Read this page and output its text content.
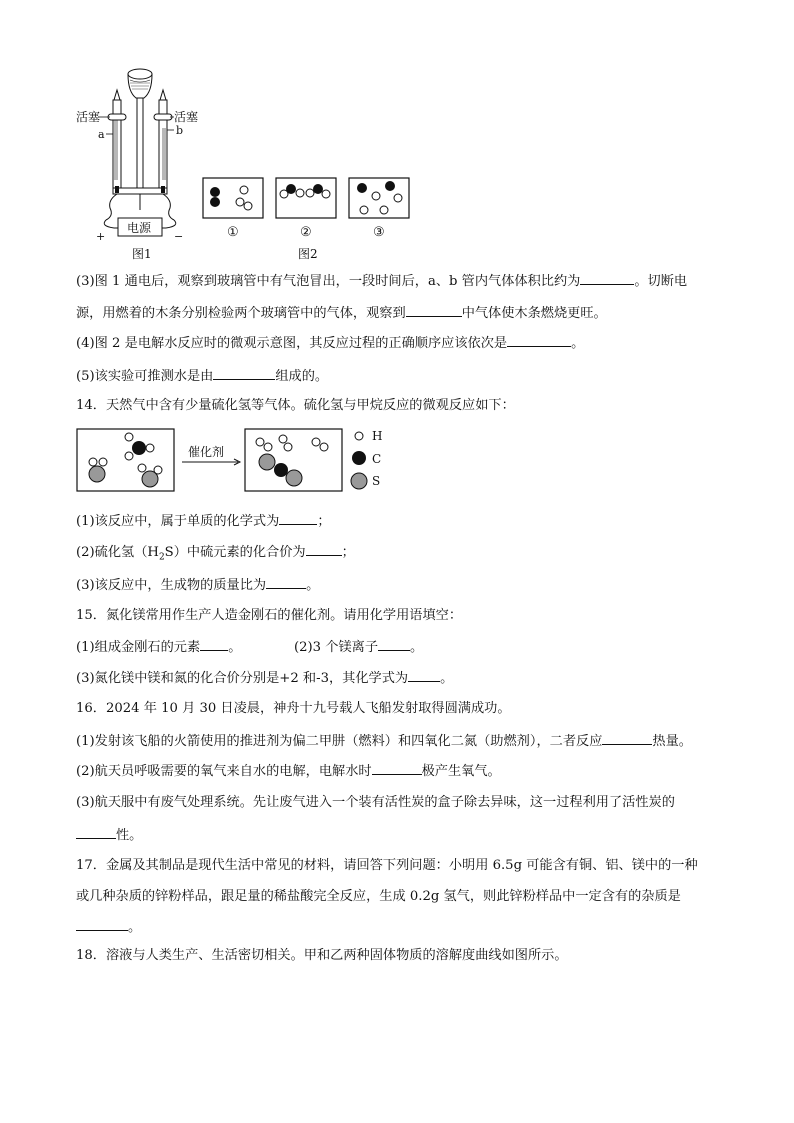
活塞	活塞
a	b
电源
+	−
图1
①	②	③
图2
(3)图 1 通电后，观察到玻璃管中有气泡冒出，一段时间后，a、b 管内气体体积比约为	。切断电
源，用燃着的木条分别检验两个玻璃管中的气体，观察到	中气体使木条燃烧更旺。
(4)图 2 是电解水反应时的微观示意图，其反应过程的正确顺序应该依次是	。
(5)该实验可推测水是由	组成的。
14．天然气中含有少量硫化氢等气体。硫化氢与甲烷反应的微观反应如下：
催化剂
H
C
S
(1)该反应中，属于单质的化学式为	；
(2)硫化氢$(H_2S)$中硫元素的化合价为	；
(3)该反应中，生成物的质量比为	。
15．氮化镁常用作生产人造金刚石的催化剂。请用化学用语填空：
(1)组成金刚石的元素 。	(2)3 个镁离子 。
(3)氮化镁中镁和氮的化合价分别是+2 和-3，其化学式为 。
16．2024 年 10 月 30 日凌晨，神舟十九号载人飞船发射取得圆满成功。
(1)发射该飞船的火箭使用的推进剂为偏二甲肼（燃料）和四氧化二氮（助燃剂），二者反应	热量。
(2)航天员呼吸需要的氧气来自水的电解，电解水时	极产生氧气。
(3)航天服中有废气处理系统。先让废气进入一个装有活性炭的盒子除去异味，这一过程利用了活性炭的
性。
17．金属及其制品是现代生活中常见的材料，请回答下列问题：小明用 6.5g 可能含有铜、铝、镁中的一种
或几种杂质的锌粉样品，跟足量的稀盐酸完全反应，生成 0.2g 氢气，则此锌粉样品中一定含有的杂质是
。
18．溶液与人类生产、生活密切相关。甲和乙两种固体物质的溶解度曲线如图所示。
